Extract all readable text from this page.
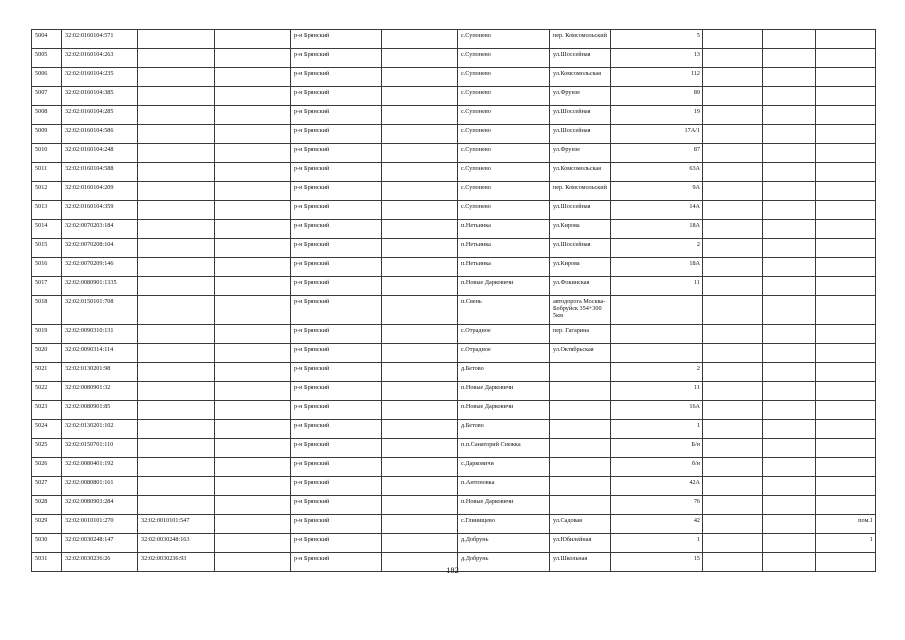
5004	32:02:0160104:571			р-н Брянский		с.Супонево	пер. Комсомольский	5			
5005	32:02:0160104:263			р-н Брянский		с.Супонево	ул.Шоссейная	13			
5006	32:02:0160104:235			р-н Брянский		с.Супонево	ул.Комсомольская	112			
5007	32:02:0160104:385			р-н Брянский		с.Супонево	ул.Фрунзе	89			
5008	32:02:0160104:285			р-н Брянский		с.Супонево	ул.Шоссейная	19			
5009	32:02:0160104:586			р-н Брянский		с.Супонево	ул.Шоссейная	17А/1			
5010	32:02:0160104:248			р-н Брянский		с.Супонево	ул.Фрунзе	87			
5011	32:02:0160104:588			р-н Брянский		с.Супонево	ул.Комсомольская	63А			
5012	32:02:0160104:209			р-н Брянский		с.Супонево	пер. Комсомольский	9А			
5013	32:02:0160104:359			р-н Брянский		с.Супонево	ул.Шоссейная	14А			
5014	32:02:0070203:184			р-н Брянский		п.Нетьинка	ул.Кирова	18А			
5015	32:02:0070208:104			р-н Брянский		п.Нетьинка	ул.Шоссейная	2			
5016	32:02:0070209:146			р-н Брянский		п.Нетьинка	ул.Кирова	18А			
5017	32:02:0080901:1335			р-н Брянский		п.Новые Дарковичи	ул.Фокинская	11			
5018	32:02:0150101:708			р-н Брянский		п.Свень	автодорога Москва-Бобруйск 354+300 5км				
5019	32:02:0090310:131			р-н Брянский		с.Отрадное	пер. Гагарина				
5020	32:02:0090314:114			р-н Брянский		с.Отрадное	ул.Октябрьская				
5021	32:02:0130201:98			р-н Брянский		д.Бетово		2			
5022	32:02:0080901:32			р-н Брянский		п.Новые Дарковичи		11			
5023	32:02:0080901:85			р-н Брянский		п.Новые Дарковичи		16А			
5024	32:02:0130201:102			р-н Брянский		д.Бетово		1			
5025	32:02:0150701:110			р-н Брянский		п.п.Санаторий Снежка		Б/н			
5026	32:02:0080401:192			р-н Брянский		с.Дарковичи		б/н			
5027	32:02:0080801:161			р-н Брянский		п.Антоновка		42А			
5028	32:02:0080903:284			р-н Брянский		п.Новые Дарковичи		76			
5029	32:02:0010101:270	32:02:0010101:547		р-н Брянский		с.Глинищево	ул.Садовая	42			пом.1
5030	32:02:0030248:147	32:02:0030248:163		р-н Брянский		д.Добрунь	ул.Юбилейная	1			1
5031	32:02:0030236:26	32:02:0030236:93		р-н Брянский		д.Добрунь	ул.Школьная	15			
182
